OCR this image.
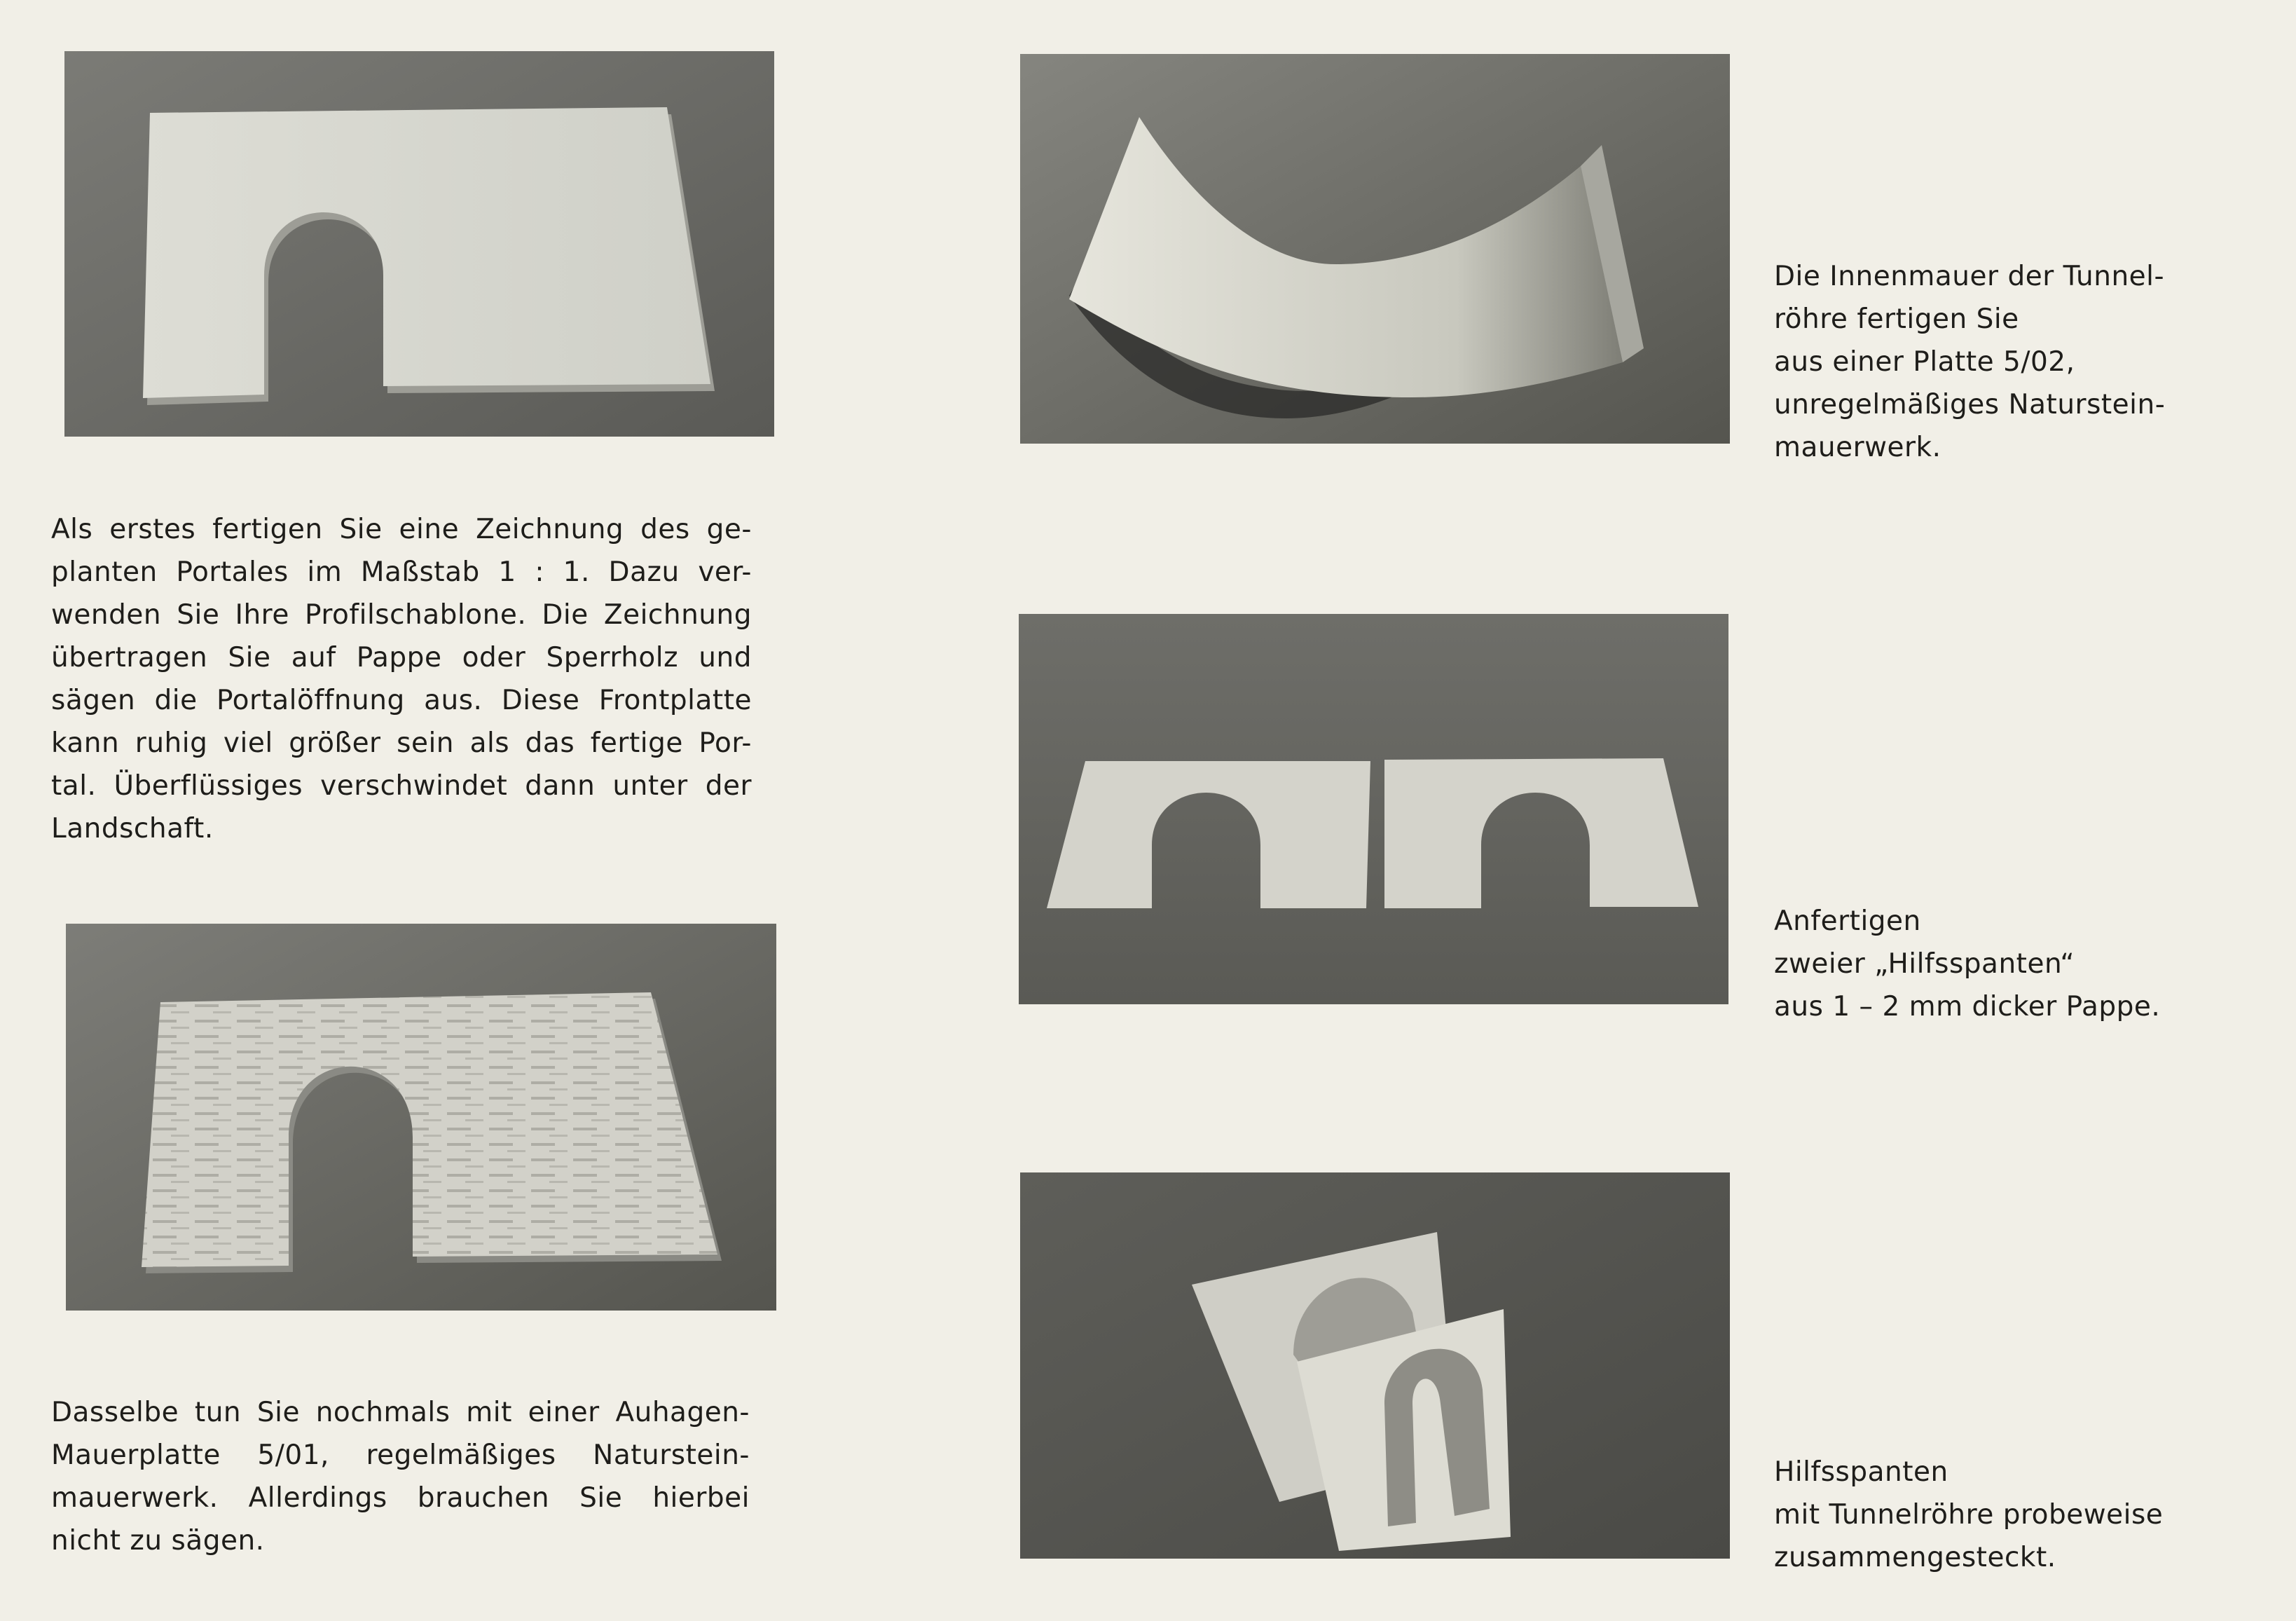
Als erstes fertigen Sie eine Zeichnung des ge-

planten Portales im Maßstab 1 : 1. Dazu ver-

wenden Sie Ihre Profilschablone. Die Zeichnung

übertragen Sie auf Pappe oder Sperrholz und

sägen die Portalöffnung aus. Diese Frontplatte

kann ruhig viel größer sein als das fertige Por-

tal. Überflüssiges verschwindet dann unter der

Landschaft.

Dasselbe tun Sie nochmals mit einer Auhagen-

Mauerplatte 5/01, regelmäßiges Naturstein-

mauerwerk. Allerdings brauchen Sie hierbei

nicht zu sägen.

Die Innenmauer der Tunnel-

röhre fertigen Sie

aus einer Platte 5/02,

unregelmäßiges Naturstein-

mauerwerk.

Anfertigen

zweier „Hilfsspanten“

aus 1 – 2 mm dicker Pappe.

Hilfsspanten

mit Tunnelröhre probeweise

zusammengesteckt.
